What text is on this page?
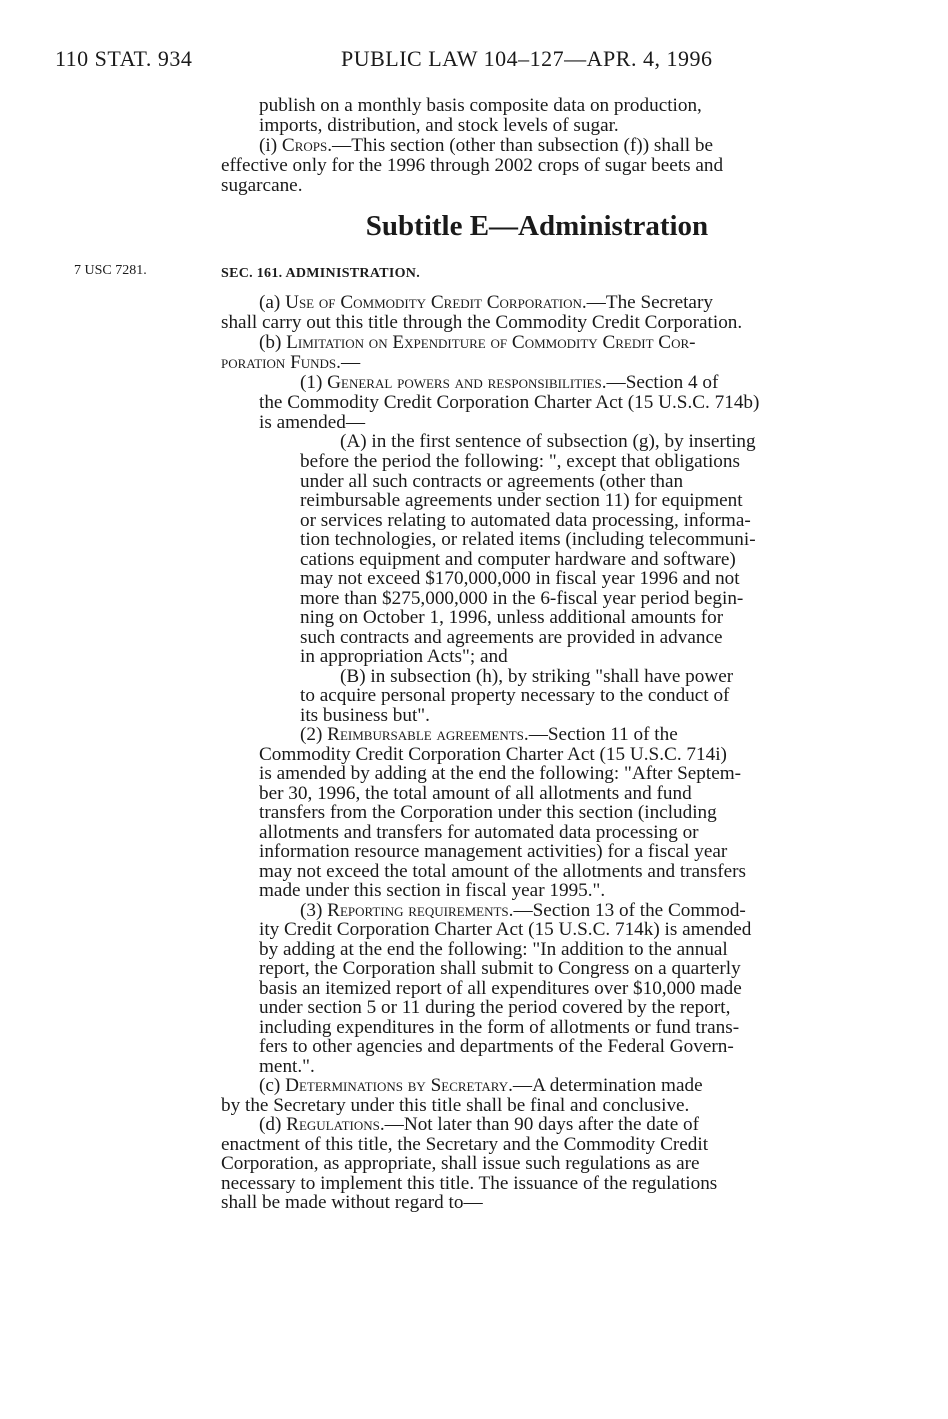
110 STAT. 934	PUBLIC LAW 104–127—APR. 4, 1996
7 USC 7281.
Subtitle E—Administration
SEC. 161. ADMINISTRATION.
publish on a monthly basis composite data on production,
imports, distribution, and stock levels of sugar.
(i) Crops.—This section (other than subsection (f)) shall be
effective only for the 1996 through 2002 crops of sugar beets and
sugarcane.
(a) Use of Commodity Credit Corporation.—The Secretary
shall carry out this title through the Commodity Credit Corporation.
(b) Limitation on Expenditure of Commodity Credit Cor-
poration Funds.—
(1) General powers and responsibilities.—Section 4 of
the Commodity Credit Corporation Charter Act (15 U.S.C. 714b)
is amended—
(A) in the first sentence of subsection (g), by inserting
before the period the following: ", except that obligations
under all such contracts or agreements (other than
reimbursable agreements under section 11) for equipment
or services relating to automated data processing, informa-
tion technologies, or related items (including telecommuni-
cations equipment and computer hardware and software)
may not exceed $170,000,000 in fiscal year 1996 and not
more than $275,000,000 in the 6-fiscal year period begin-
ning on October 1, 1996, unless additional amounts for
such contracts and agreements are provided in advance
in appropriation Acts"; and
(B) in subsection (h), by striking "shall have power
to acquire personal property necessary to the conduct of
its business but".
(2) Reimbursable agreements.—Section 11 of the
Commodity Credit Corporation Charter Act (15 U.S.C. 714i)
is amended by adding at the end the following: "After Septem-
ber 30, 1996, the total amount of all allotments and fund
transfers from the Corporation under this section (including
allotments and transfers for automated data processing or
information resource management activities) for a fiscal year
may not exceed the total amount of the allotments and transfers
made under this section in fiscal year 1995.".
(3) Reporting requirements.—Section 13 of the Commod-
ity Credit Corporation Charter Act (15 U.S.C. 714k) is amended
by adding at the end the following: "In addition to the annual
report, the Corporation shall submit to Congress on a quarterly
basis an itemized report of all expenditures over $10,000 made
under section 5 or 11 during the period covered by the report,
including expenditures in the form of allotments or fund trans-
fers to other agencies and departments of the Federal Govern-
ment.".
(c) Determinations by Secretary.—A determination made
by the Secretary under this title shall be final and conclusive.
(d) Regulations.—Not later than 90 days after the date of
enactment of this title, the Secretary and the Commodity Credit
Corporation, as appropriate, shall issue such regulations as are
necessary to implement this title. The issuance of the regulations
shall be made without regard to—
